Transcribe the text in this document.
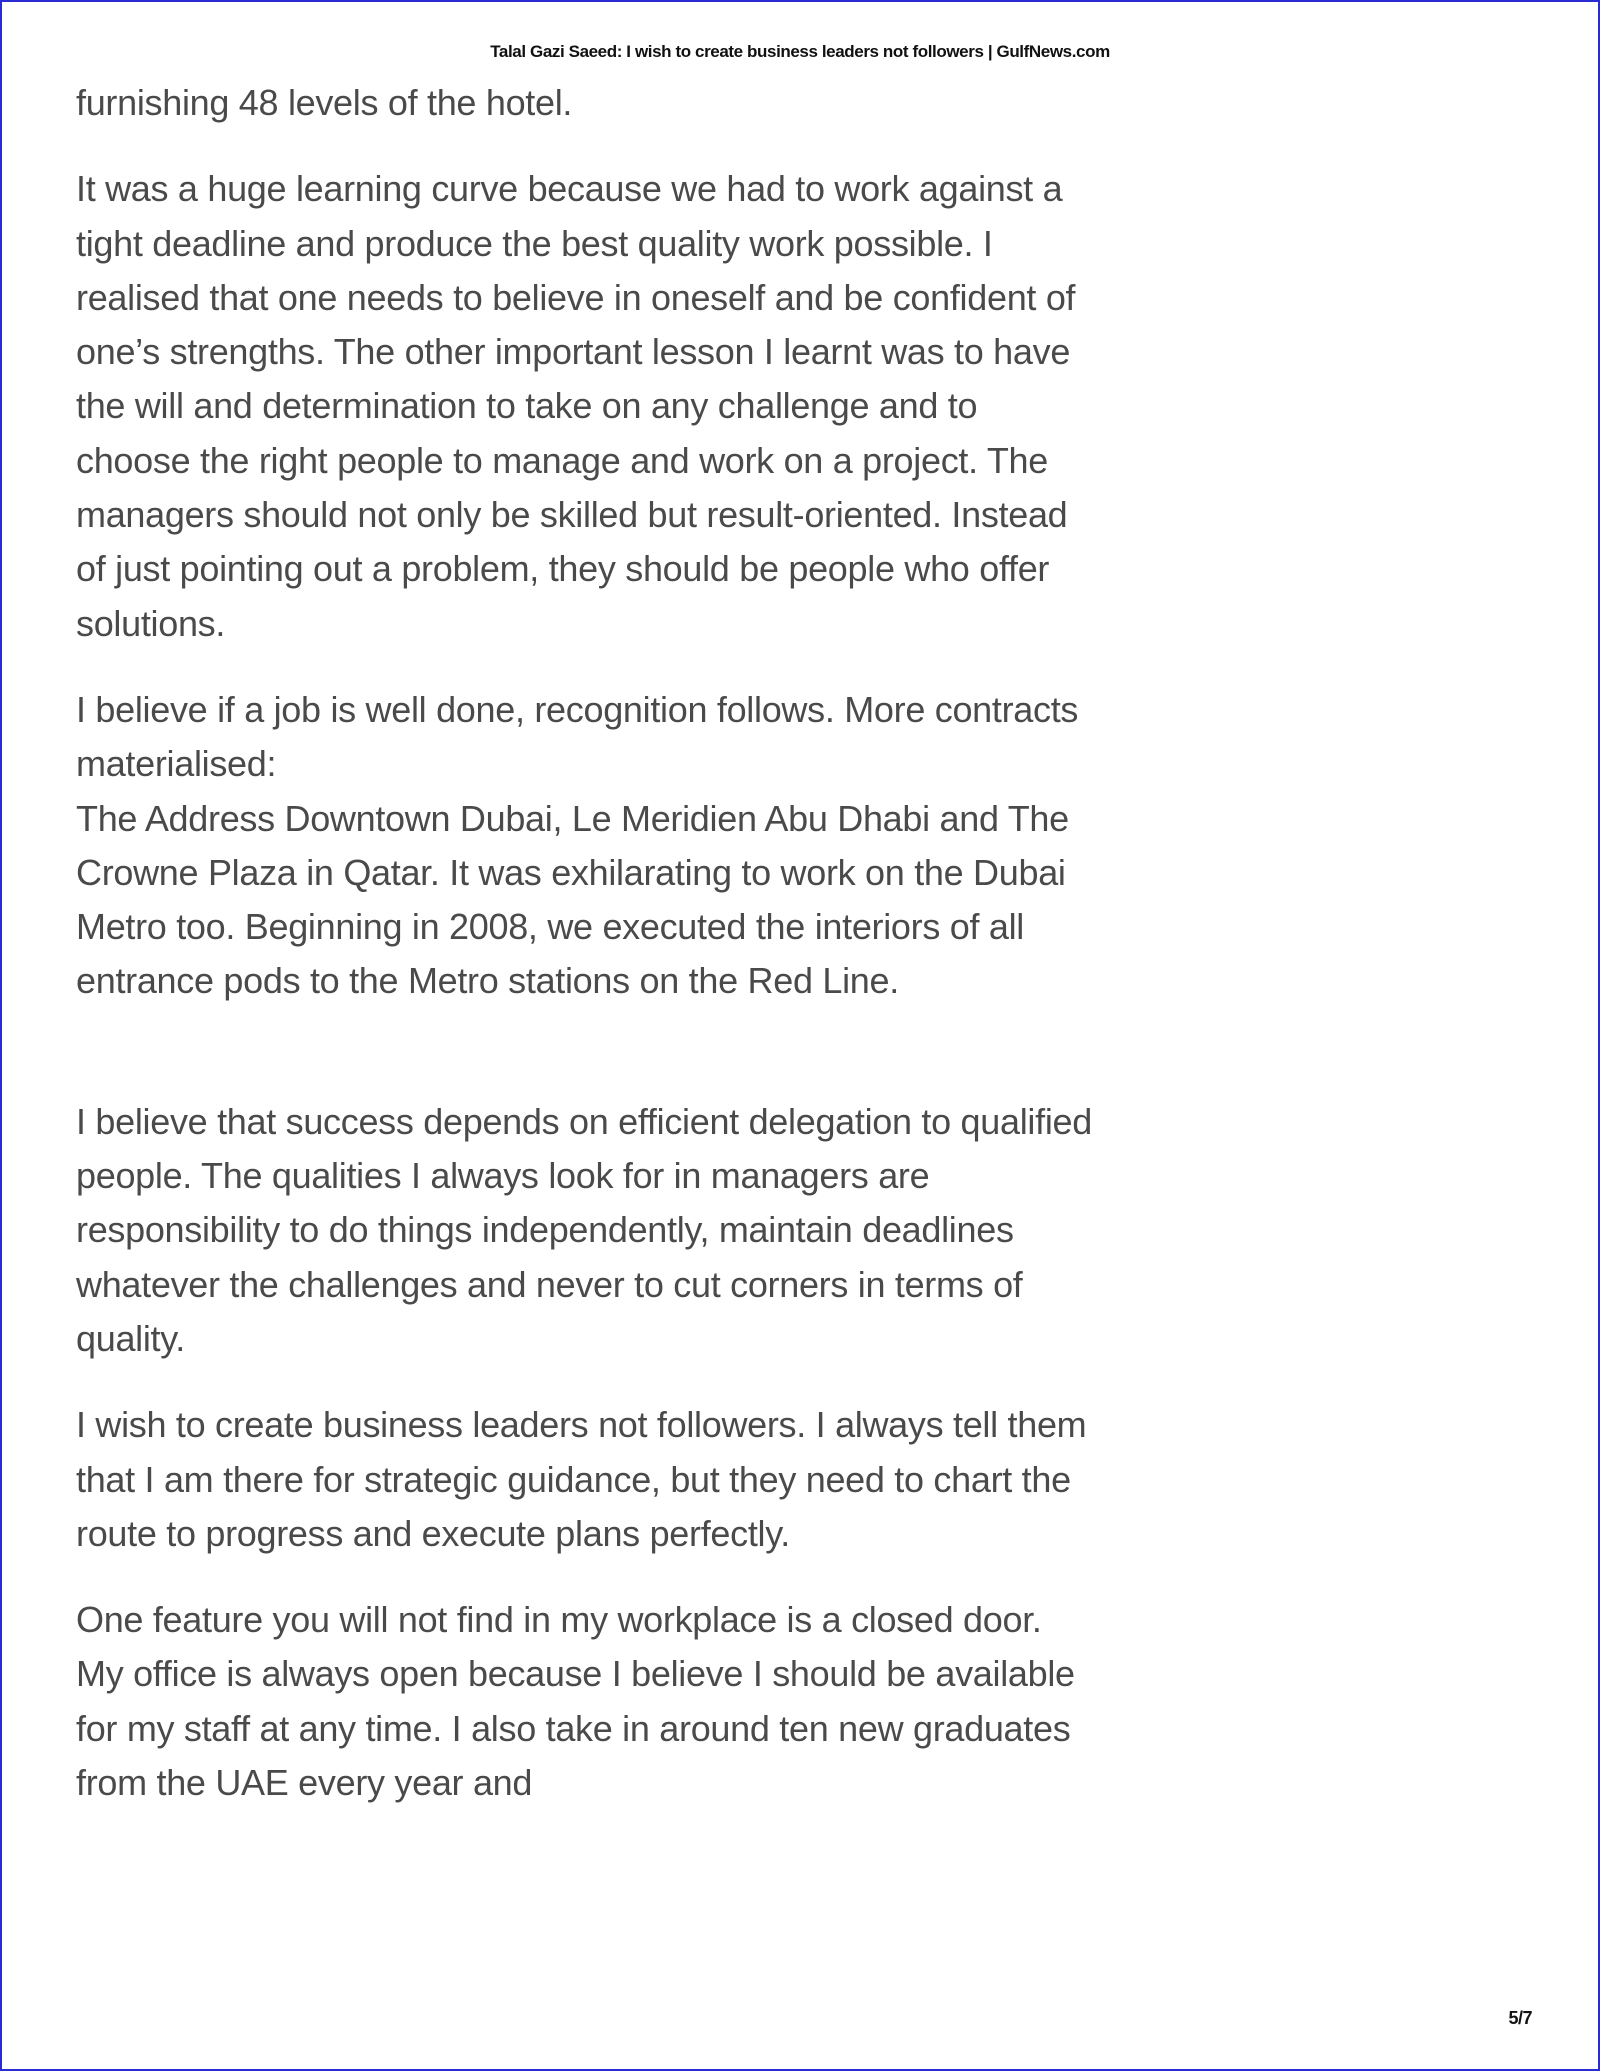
Talal Gazi Saeed: I wish to create business leaders not followers | GulfNews.com

furnishing 48 levels of the hotel.

It was a huge learning curve because we had to work against a tight deadline and produce the best quality work possible. I realised that one needs to believe in oneself and be confident of one’s strengths. The other important lesson I learnt was to have the will and determination to take on any challenge and to choose the right people to manage and work on a project. The managers should not only be skilled but result-oriented. Instead of just pointing out a problem, they should be people who offer solutions.

I believe if a job is well done, recognition follows. More contracts materialised:

The Address Downtown Dubai, Le Meridien Abu Dhabi and The Crowne Plaza in Qatar. It was exhilarating to work on the Dubai Metro too. Beginning in 2008, we executed the interiors of all entrance pods to the Metro stations on the Red Line.

I believe that success depends on efficient delegation to qualified people. The qualities I always look for in managers are responsibility to do things independently, maintain deadlines whatever the challenges and never to cut corners in terms of quality.

I wish to create business leaders not followers. I always tell them that I am there for strategic guidance, but they need to chart the route to progress and execute plans perfectly.

One feature you will not find in my workplace is a closed door. My office is always open because I believe I should be available for my staff at any time. I also take in around ten new graduates from the UAE every year and

5/7
